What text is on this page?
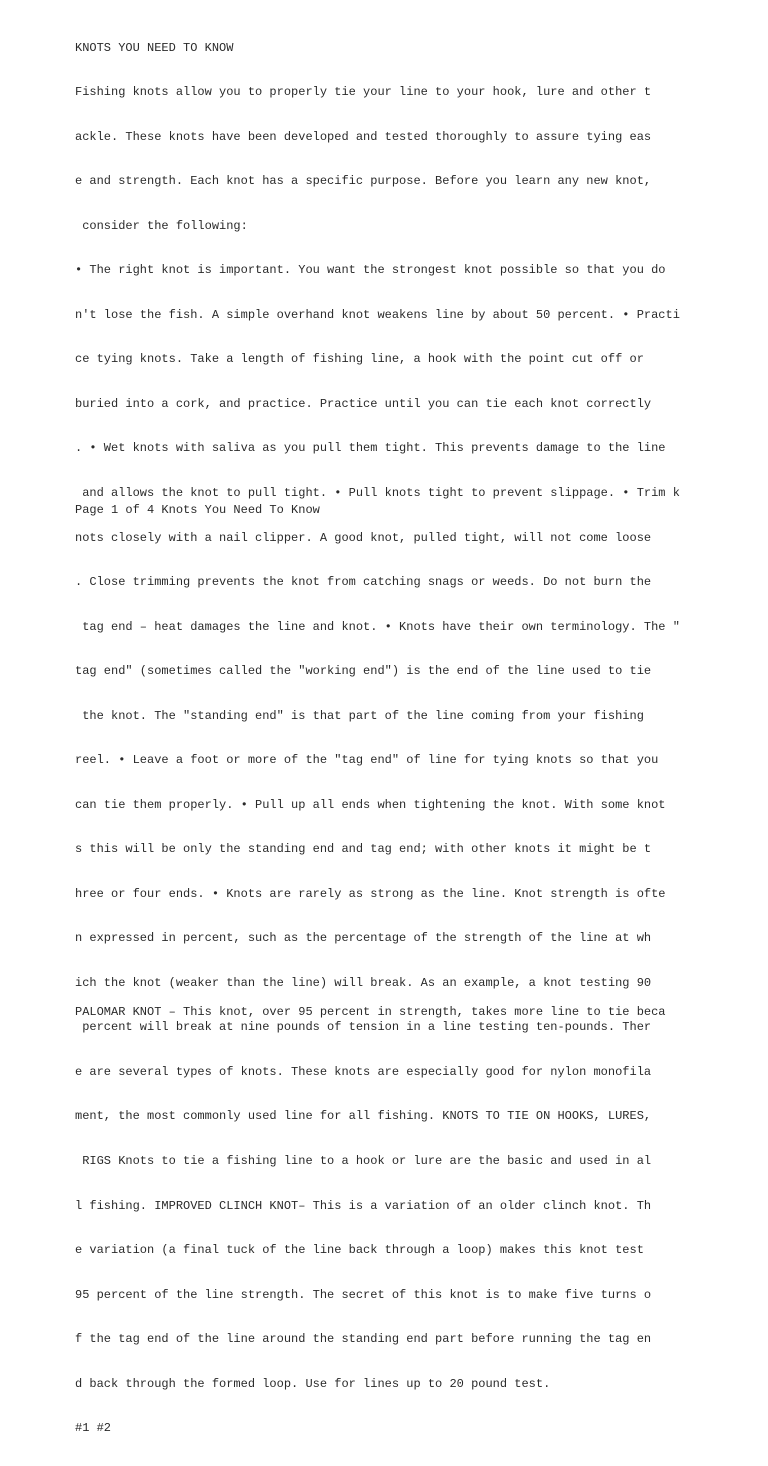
KNOTS YOU NEED TO KNOW

Fishing knots allow you to properly tie your line to your hook, lure and other t

ackle. These knots have been developed and tested thoroughly to assure tying eas

e and strength. Each knot has a specific purpose. Before you learn any new knot,

consider the following:

• The right knot is important. You want the strongest knot possible so that you do

n't lose the fish. A simple overhand knot weakens line by about 50 percent. • Practi

ce tying knots. Take a length of fishing line, a hook with the point cut off or

buried into a cork, and practice. Practice until you can tie each knot correctly

. • Wet knots with saliva as you pull them tight. This prevents damage to the line

and allows the knot to pull tight. • Pull knots tight to prevent slippage. • Trim k

nots closely with a nail clipper. A good knot, pulled tight, will not come loose

. Close trimming prevents the knot from catching snags or weeds. Do not burn the

tag end – heat damages the line and knot. • Knots have their own terminology. The "

tag end" (sometimes called the "working end") is the end of the line used to tie

the knot. The "standing end" is that part of the line coming from your fishing

reel. • Leave a foot or more of the "tag end" of line for tying knots so that you

can tie them properly. • Pull up all ends when tightening the knot. With some knot

s this will be only the standing end and tag end; with other knots it might be t

hree or four ends. • Knots are rarely as strong as the line. Knot strength is ofte

n expressed in percent, such as the percentage of the strength of the line at wh

ich the knot (weaker than the line) will break. As an example, a knot testing 90

percent will break at nine pounds of tension in a line testing ten-pounds. Ther

e are several types of knots. These knots are especially good for nylon monofila

ment, the most commonly used line for all fishing. KNOTS TO TIE ON HOOKS, LURES,

RIGS Knots to tie a fishing line to a hook or lure are the basic and used in al

l fishing. IMPROVED CLINCH KNOT– This is a variation of an older clinch knot. Th

e variation (a final tuck of the line back through a loop) makes this knot test

95 percent of the line strength. The secret of this knot is to make five turns o

f the tag end of the line around the standing end part before running the tag en

d back through the formed loop. Use for lines up to 20 pound test.

#1 #2

Page 1 of 4 Knots You Need To Know
PALOMAR KNOT – This knot, over 95 percent in strength, takes more line to tie beca
